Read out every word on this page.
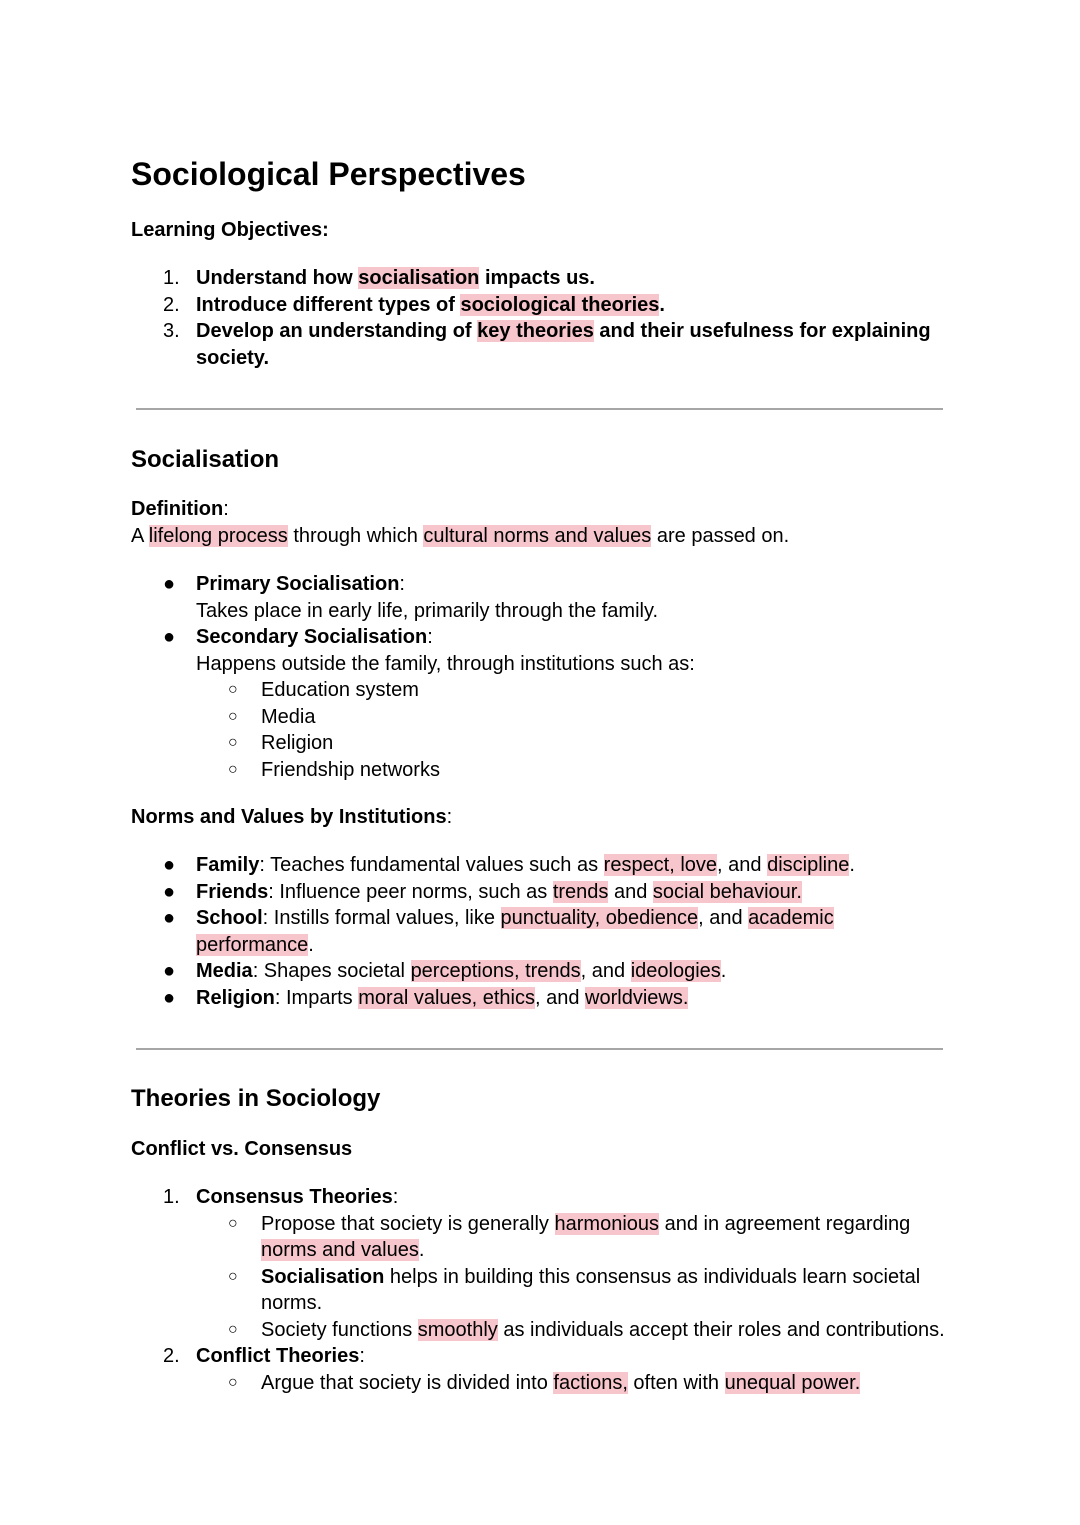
Sociological Perspectives
Learning Objectives:
1. Understand how socialisation impacts us.
2. Introduce different types of sociological theories.
3. Develop an understanding of key theories and their usefulness for explaining
society.
Socialisation
Definition:
A lifelong process through which cultural norms and values are passed on.
● Primary Socialisation:
Takes place in early life, primarily through the family.
● Secondary Socialisation:
Happens outside the family, through institutions such as:
○ Education system
○ Media
○ Religion
○ Friendship networks
Norms and Values by Institutions:
● Family: Teaches fundamental values such as respect, love, and discipline.
● Friends: Influence peer norms, such as trends and social behaviour.
● School: Instills formal values, like punctuality, obedience, and academic
performance.
● Media: Shapes societal perceptions, trends, and ideologies.
● Religion: Imparts moral values, ethics, and worldviews.
Theories in Sociology
Conflict vs. Consensus
1. Consensus Theories:
○ Propose that society is generally harmonious and in agreement regarding
norms and values.
○ Socialisation helps in building this consensus as individuals learn societal
norms.
○ Society functions smoothly as individuals accept their roles and contributions.
2. Conflict Theories:
○ Argue that society is divided into factions, often with unequal power.
